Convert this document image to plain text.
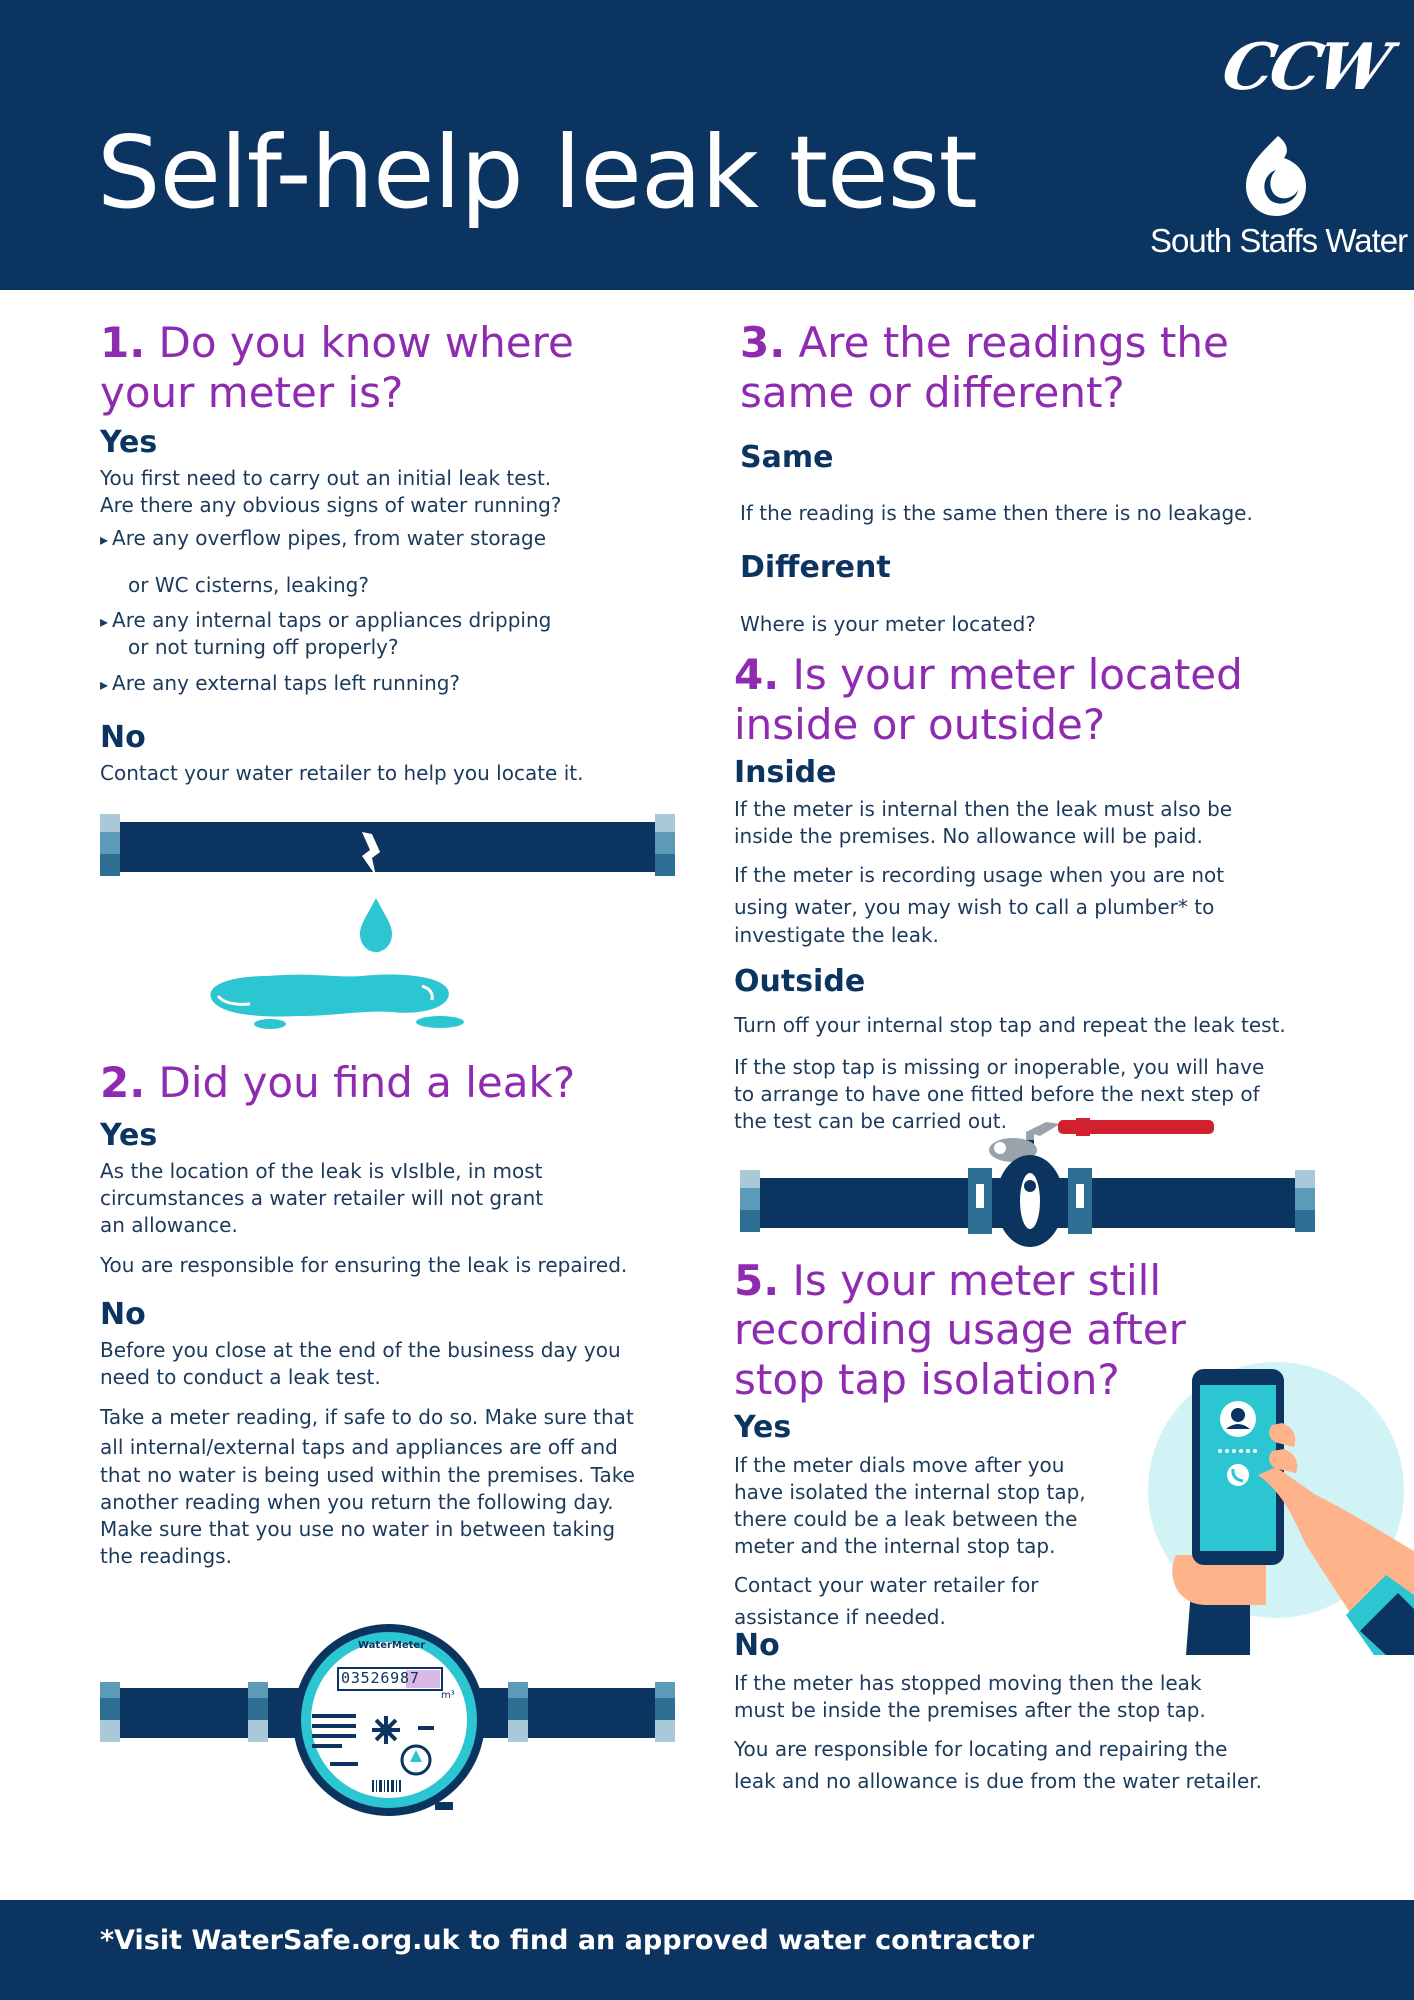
Self-help leak test
CCW
South Staffs Water
1. Do you know where
your meter is?
Yes
You first need to carry out an initial leak test.
Are there any obvious signs of water running?
▸ Are any overflow pipes, from water storage
or WC cisterns, leaking?
▸ Are any internal taps or appliances dripping
or not turning off properly?
▸ Are any external taps left running?
No
Contact your water retailer to help you locate it.
2. Did you find a leak?
Yes
As the location of the leak is vIsIble, in most
circumstances a water retailer will not grant
an allowance.
You are responsible for ensuring the leak is repaired.
No
Before you close at the end of the business day you
need to conduct a leak test.
Take a meter reading, if safe to do so. Make sure that
all internal/external taps and appliances are off and
that no water is being used within the premises. Take
another reading when you return the following day.
Make sure that you use no water in between taking
the readings.
WaterMeter
03526987
m³
3. Are the readings the
same or different?
Same
If the reading is the same then there is no leakage.
Different
Where is your meter located?
4. Is your meter located
inside or outside?
Inside
If the meter is internal then the leak must also be
inside the premises. No allowance will be paid.
If the meter is recording usage when you are not
using water, you may wish to call a plumber* to
investigate the leak.
Outside
Turn off your internal stop tap and repeat the leak test.
If the stop tap is missing or inoperable, you will have
to arrange to have one fitted before the next step of
the test can be carried out.
5. Is your meter still
recording usage after
stop tap isolation?
Yes
If the meter dials move after you
have isolated the internal stop tap,
there could be a leak between the
meter and the internal stop tap.
Contact your water retailer for
assistance if needed.
No
If the meter has stopped moving then the leak
must be inside the premises after the stop tap.
You are responsible for locating and repairing the
leak and no allowance is due from the water retailer.
*Visit WaterSafe.org.uk to find an approved water contractor
